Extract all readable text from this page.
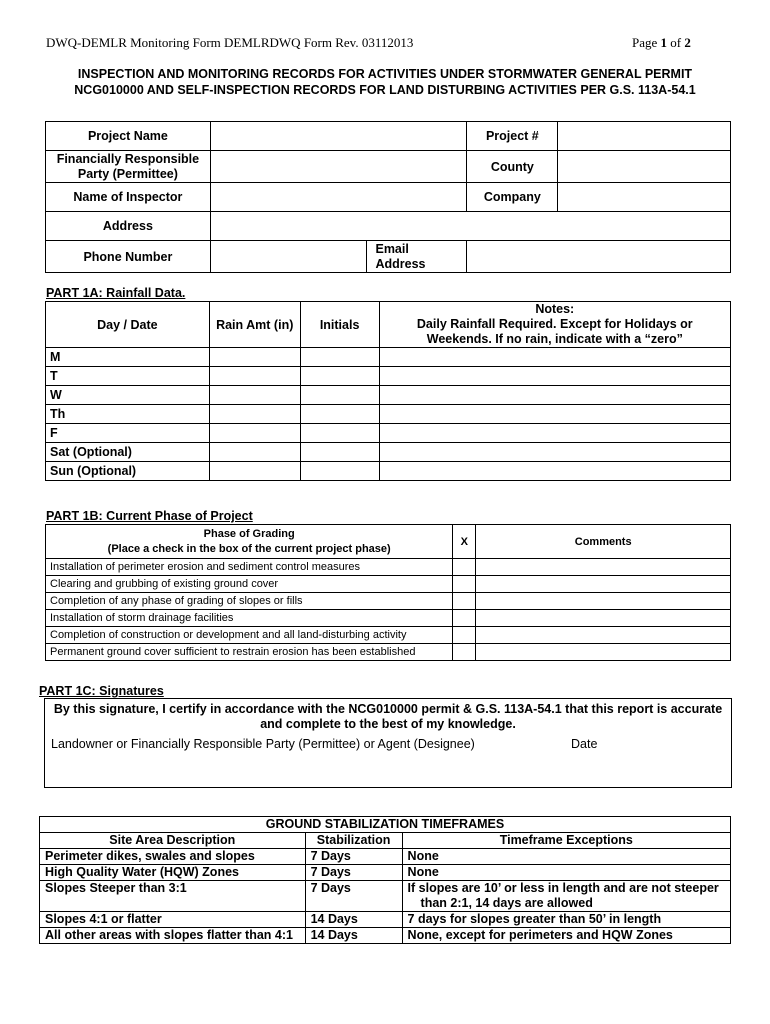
DWQ-DEMLR Monitoring Form DEMLRDWQ Form Rev. 03112013	Page 1 of 2
INSPECTION AND MONITORING RECORDS FOR ACTIVITIES UNDER STORMWATER GENERAL PERMIT
NCG010000 AND SELF-INSPECTION RECORDS FOR LAND DISTURBING ACTIVITIES PER G.S. 113A-54.1
Project Name			Project #	

Financially Responsible
Party (Permittee)			County	
Name of Inspector			Company	
Address				
Phone Number		Email
Address		

PART 1A: Rainfall Data.
Day / Date	Rain Amt (in)	Initials	Notes:
Daily Rainfall Required. Except for Holidays or
Weekends. If no rain, indicate with a “zero”

M			
T			
W			
Th			
F			
Sat (Optional)			
Sun (Optional)			
PART 1B: Current Phase of Project
Phase of Grading
(Place a check in the box of the current project phase)	X	Comments
Installation of perimeter erosion and sediment control measures		
Clearing and grubbing of existing ground cover		
Completion of any phase of grading of slopes or fills		
Installation of storm drainage facilities		
Completion of construction or development and all land-disturbing activity		
Permanent ground cover sufficient to restrain erosion has been established		
PART 1C: Signatures
By this signature, I certify in accordance with the NCG010000 permit & G.S. 113A-54.1 that this report is accurate
and complete to the best of my knowledge.
Landowner or Financially Responsible Party (Permittee) or Agent (Designee)	Date
GROUND STABILIZATION TIMEFRAMES		
Site Area Description	Stabilization	Timeframe Exceptions
Perimeter dikes, swales and slopes	7 Days	None
High Quality Water (HQW) Zones	7 Days	None
Slopes Steeper than 3:1	7 Days	If slopes are 10’ or less in length and are not steeper
than 2:1, 14 days are allowed

Slopes 4:1 or flatter	14 Days	7 days for slopes greater than 50’ in length
All other areas with slopes flatter than 4:1	14 Days	None, except for perimeters and HQW Zones
